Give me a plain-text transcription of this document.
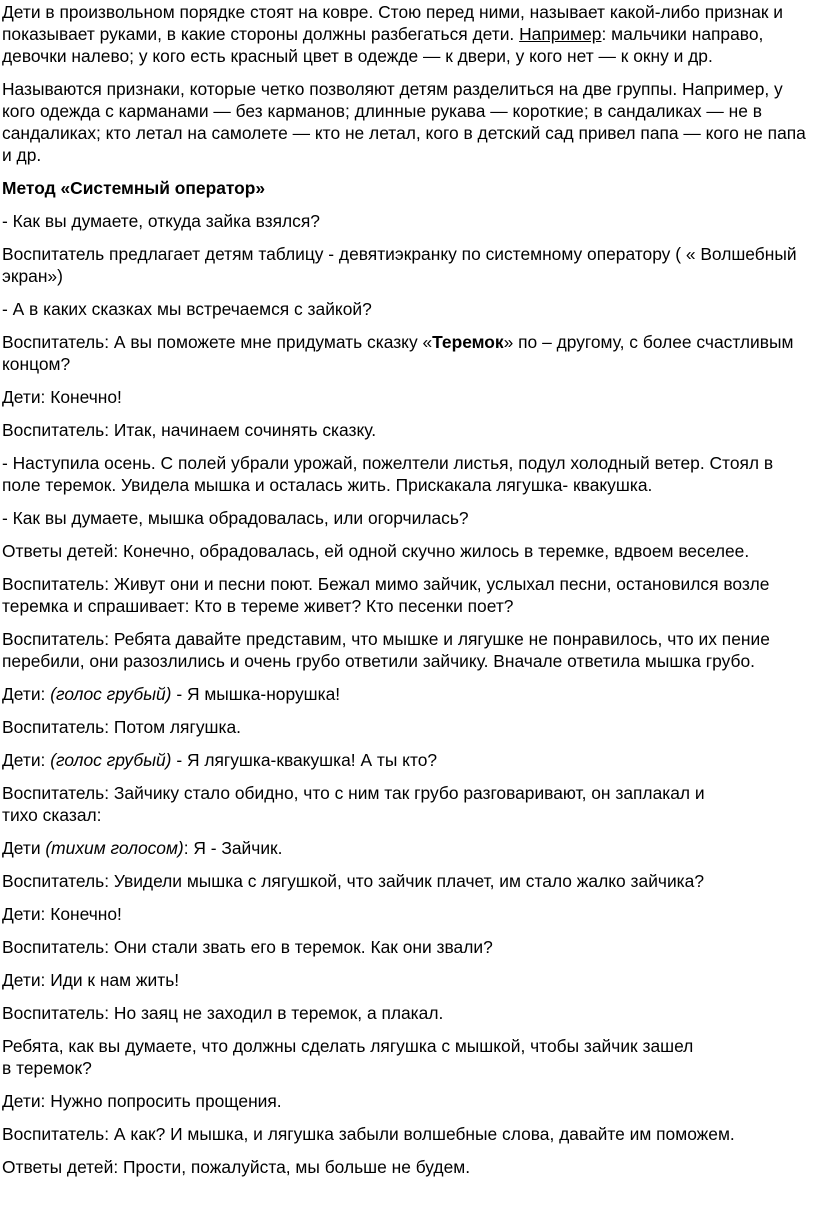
Дети в произвольном порядке стоят на ковре. Стою перед ними, называет какой-либо признак и показывает руками, в какие стороны должны разбегаться дети. Например: мальчики направо, девочки налево; у кого есть красный цвет в одежде — к двери, у кого нет — к окну и др.

Называются признаки, которые четко позволяют детям разделиться на две группы. Например, у кого одежда с карманами — без карманов; длинные рукава — короткие; в сандаликах — не в сандаликах; кто летал на самолете — кто не летал, кого в детский сад привел папа — кого не папа и др.

Метод «Системный оператор»

- Как вы думаете, откуда зайка взялся?

Воспитатель предлагает детям таблицу - девятиэкранку по системному оператору ( « Волшебный экран»)

- А в каких сказках мы встречаемся с зайкой?

Воспитатель: А вы поможете мне придумать сказку «Теремок» по – другому, с более счастливым концом?

Дети: Конечно!

Воспитатель: Итак, начинаем сочинять сказку.

- Наступила осень. С полей убрали урожай, пожелтели листья, подул холодный ветер. Стоял в поле теремок. Увидела мышка и осталась жить. Прискакала лягушка- квакушка.

- Как вы думаете, мышка обрадовалась, или огорчилась?

Ответы детей: Конечно, обрадовалась, ей одной скучно жилось в теремке, вдвоем веселее.

Воспитатель: Живут они и песни поют. Бежал мимо зайчик, услыхал песни, остановился возле теремка и спрашивает: Кто в тереме живет? Кто песенки поет?

Воспитатель: Ребята давайте представим, что мышке и лягушке не понравилось, что их пение перебили, они разозлились и очень грубо ответили зайчику. Вначале ответила мышка грубо.

Дети: (голос грубый) - Я мышка-норушка!

Воспитатель: Потом лягушка.

Дети: (голос грубый) - Я лягушка-квакушка! А ты кто?

Воспитатель: Зайчику стало обидно, что с ним так грубо разговаривают, он заплакал и
тихо сказал:

Дети (тихим голосом): Я - Зайчик.

Воспитатель: Увидели мышка с лягушкой, что зайчик плачет, им стало жалко зайчика?

Дети: Конечно!

Воспитатель: Они стали звать его в теремок. Как они звали?

Дети: Иди к нам жить!

Воспитатель: Но заяц не заходил в теремок, а плакал.

Ребята, как вы думаете, что должны сделать лягушка с мышкой, чтобы зайчик зашел
в теремок?

Дети: Нужно попросить прощения.

Воспитатель: А как? И мышка, и лягушка забыли волшебные слова, давайте им поможем.

Ответы детей: Прости, пожалуйста, мы больше не будем.
